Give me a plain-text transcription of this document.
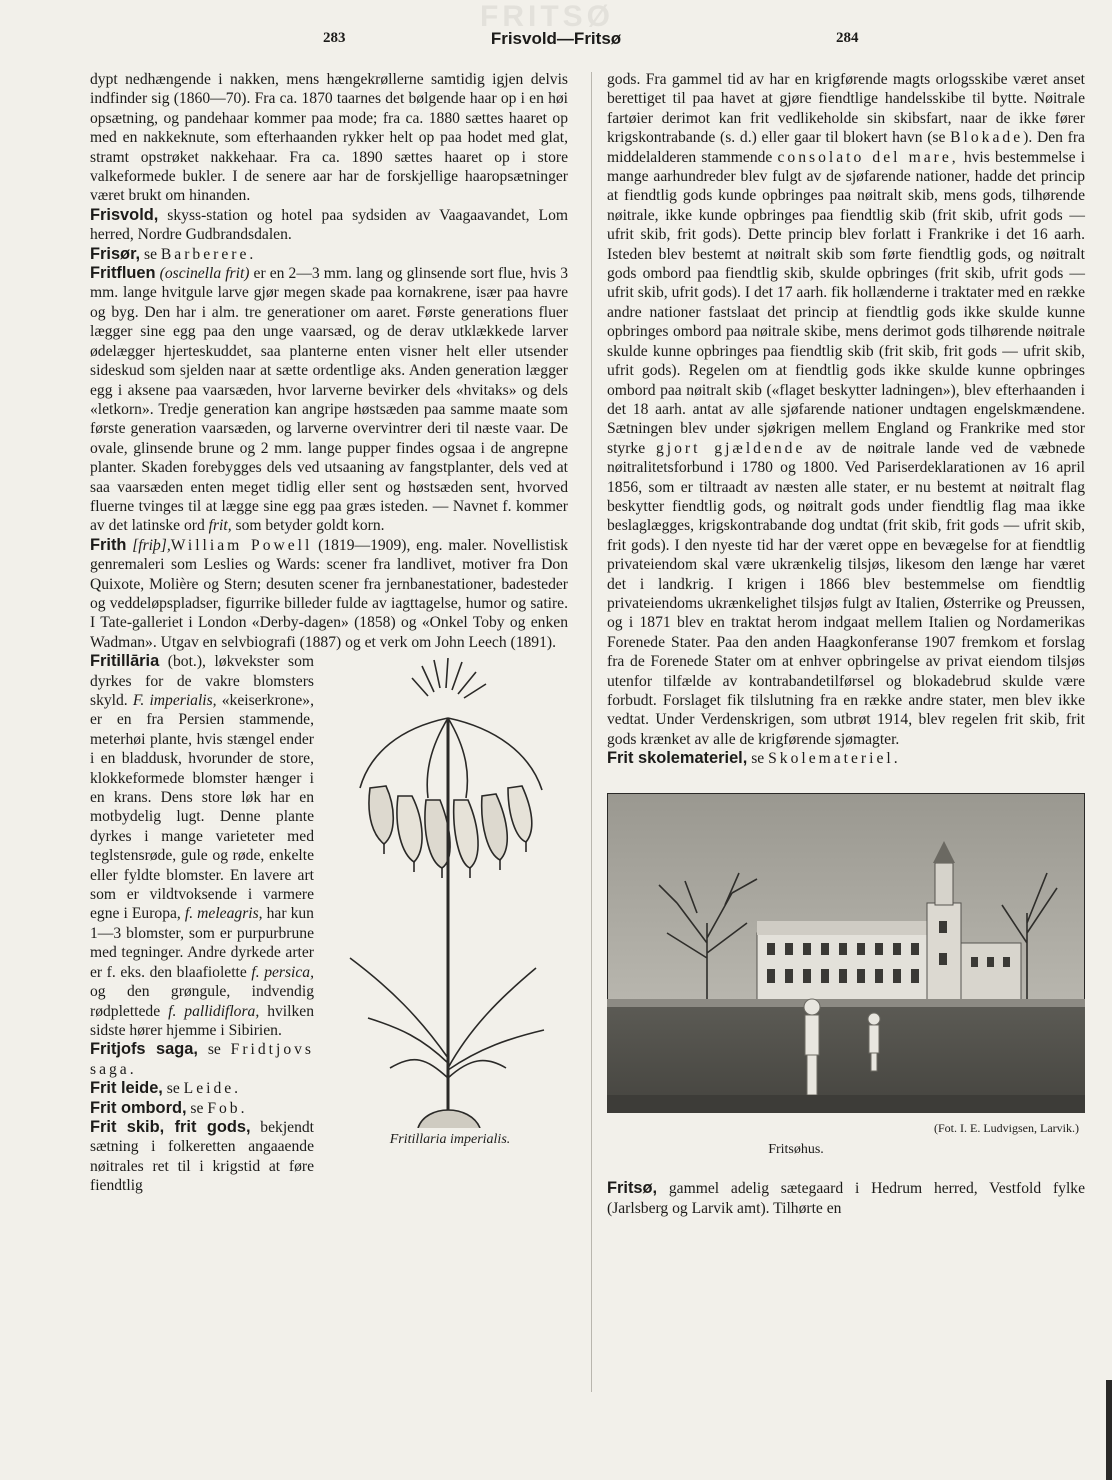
FRITSØ
283	Frisvold—Fritsø	284

dypt nedhængende i nakken, mens hængekrøllerne samtidig igjen delvis indfinder sig (1860—70). Fra ca. 1870 taarnes det bølgende haar op i en høi opsætning, og pandehaar kommer paa mode; fra ca. 1880 sættes haaret op med en nakkeknute, som efterhaanden rykker helt op paa hodet med glat, stramt opstrøket nakkehaar. Fra ca. 1890 sættes haaret op i store valkeformede bukler. I de senere aar har de forskjellige haaropsætninger været brukt om hinanden.

Frisvold, skyss-station og hotel paa sydsiden av Vaagaavandet, Lom herred, Nordre Gudbrandsdalen.

Frisør, se Barberere.

Fritfluen (oscinella frit) er en 2—3 mm. lang og glinsende sort flue, hvis 3 mm. lange hvitgule larve gjør megen skade paa kornakrene, især paa havre og byg. Den har i alm. tre generationer om aaret. Første generations fluer lægger sine egg paa den unge vaarsæd, og de derav utklækkede larver ødelægger hjerteskuddet, saa planterne enten visner helt eller utsender sideskud som sjelden naar at sætte ordentlige aks. Anden generation lægger egg i aksene paa vaarsæden, hvor larverne bevirker dels «hvitaks» og dels «letkorn». Tredje generation kan angripe høstsæden paa samme maate som første generation vaarsæden, og larverne overvintrer deri til næste vaar. De ovale, glinsende brune og 2 mm. lange pupper findes ogsaa i de angrepne planter. Skaden forebygges dels ved utsaaning av fangstplanter, dels ved at saa vaarsæden enten meget tidlig eller sent og høstsæden sent, hvorved fluerne tvinges til at lægge sine egg paa græs isteden. — Navnet f. kommer av det latinske ord frit, som betyder goldt korn.

Frith [friþ],William Powell (1819—1909), eng. maler. Novellistisk genremaleri som Leslies og Wards: scener fra landlivet, motiver fra Don Quixote, Molière og Stern; desuten scener fra jernbanestationer, badesteder og veddeløpspladser, figurrike billeder fulde av iagttagelse, humor og satire. I Tate-galleriet i London «Derby-dagen» (1858) og «Onkel Toby og enken Wadman». Utgav en selvbiografi (1887) og et verk om John Leech (1891).

Fritillaria imperialis.
Fritillāria (bot.), løkvekster som dyrkes for de vakre blomsters skyld. F. imperialis, «keiserkrone», er en fra Persien stammende, meterhøi plante, hvis stængel ender i en bladdusk, hvorunder de store, klokkeformede blomster hænger i en krans. Dens store løk har en motbydelig lugt. Denne plante dyrkes i mange varieteter med teglstensrøde, gule og røde, enkelte eller fyldte blomster. En lavere art som er vildtvoksende i varmere egne i Europa, f. meleagris, har kun 1—3 blomster, som er purpurbrune med tegninger. Andre dyrkede arter er f. eks. den blaafiolette f. persica, og den grøngule, indvendig rødplettede f. pallidiflora, hvilken sidste hører hjemme i Sibirien.

Fritjofs saga, se Fridtjovs saga.

Frit leide, se Leide.

Frit ombord, se Fob.

Frit skib, frit gods, bekjendt sætning i folkeretten angaaende nøitrales ret til i krigstid at føre fiendtlig

gods. Fra gammel tid av har en krigførende magts orlogsskibe været anset berettiget til paa havet at gjøre fiendtlige handelsskibe til bytte. Nøitrale fartøier derimot kan frit vedlikeholde sin skibsfart, naar de ikke fører krigskontrabande (s. d.) eller gaar til blokert havn (se Blokade). Den fra middelalderen stammende consolato del mare, hvis bestemmelse i mange aarhundreder blev fulgt av de sjøfarende nationer, hadde det princip at fiendtlig gods kunde opbringes paa nøitralt skib, mens gods, tilhørende nøitrale, ikke kunde opbringes paa fiendtlig skib (frit skib, ufrit gods — ufrit skib, frit gods). Dette princip blev forlatt i Frankrike i det 16 aarh. Isteden blev bestemt at nøitralt skib som førte fiendtlig gods, og nøitralt gods ombord paa fiendtlig skib, skulde opbringes (frit skib, ufrit gods — ufrit skib, ufrit gods). I det 17 aarh. fik hollænderne i traktater med en række andre nationer fastslaat det princip at fiendtlig gods ikke skulde kunne opbringes ombord paa nøitrale skibe, mens derimot gods tilhørende nøitrale skulde kunne opbringes paa fiendtlig skib (frit skib, frit gods — ufrit skib, ufrit gods). Regelen om at fiendtlig gods ikke skulde kunne opbringes ombord paa nøitralt skib («flaget beskytter ladningen»), blev efterhaanden i det 18 aarh. antat av alle sjøfarende nationer undtagen engelskmændene. Sætningen blev under sjøkrigen mellem England og Frankrike med stor styrke gjort gjældende av de nøitrale lande ved de væbnede nøitralitetsforbund i 1780 og 1800. Ved Pariserdeklarationen av 16 april 1856, som er tiltraadt av næsten alle stater, er nu bestemt at nøitralt flag beskytter fiendtlig gods, og nøitralt gods under fiendtlig flag maa ikke beslaglægges, krigskontrabande dog undtat (frit skib, frit gods — ufrit skib, frit gods). I den nyeste tid har der været oppe en bevægelse for at fiendtlig privateiendom skal være ukrænkelig tilsjøs, likesom den længe har været det i landkrig. I krigen i 1866 blev bestemmelse om fiendtlig privateiendoms ukrænkelighet tilsjøs fulgt av Italien, Østerrike og Preussen, og i 1871 blev en traktat herom indgaat mellem Italien og Nordamerikas Forenede Stater. Paa den anden Haagkonferanse 1907 fremkom et forslag fra de Forenede Stater om at enhver opbringelse av privat eiendom tilsjøs utenfor tilfælde av kontrabandetilførsel og blokadebrud skulde være forbudt. Forslaget fik tilslutning fra en række andre stater, men blev ikke vedtat. Under Verdenskrigen, som utbrøt 1914, blev regelen frit skib, frit gods krænket av alle de krigførende sjømagter.

Frit skolemateriel, se Skolemateriel.

(Fot. I. E. Ludvigsen, Larvik.)
Fritsøhus.

Fritsø, gammel adelig sætegaard i Hedrum herred, Vestfold fylke (Jarlsberg og Larvik amt). Tilhørte en
